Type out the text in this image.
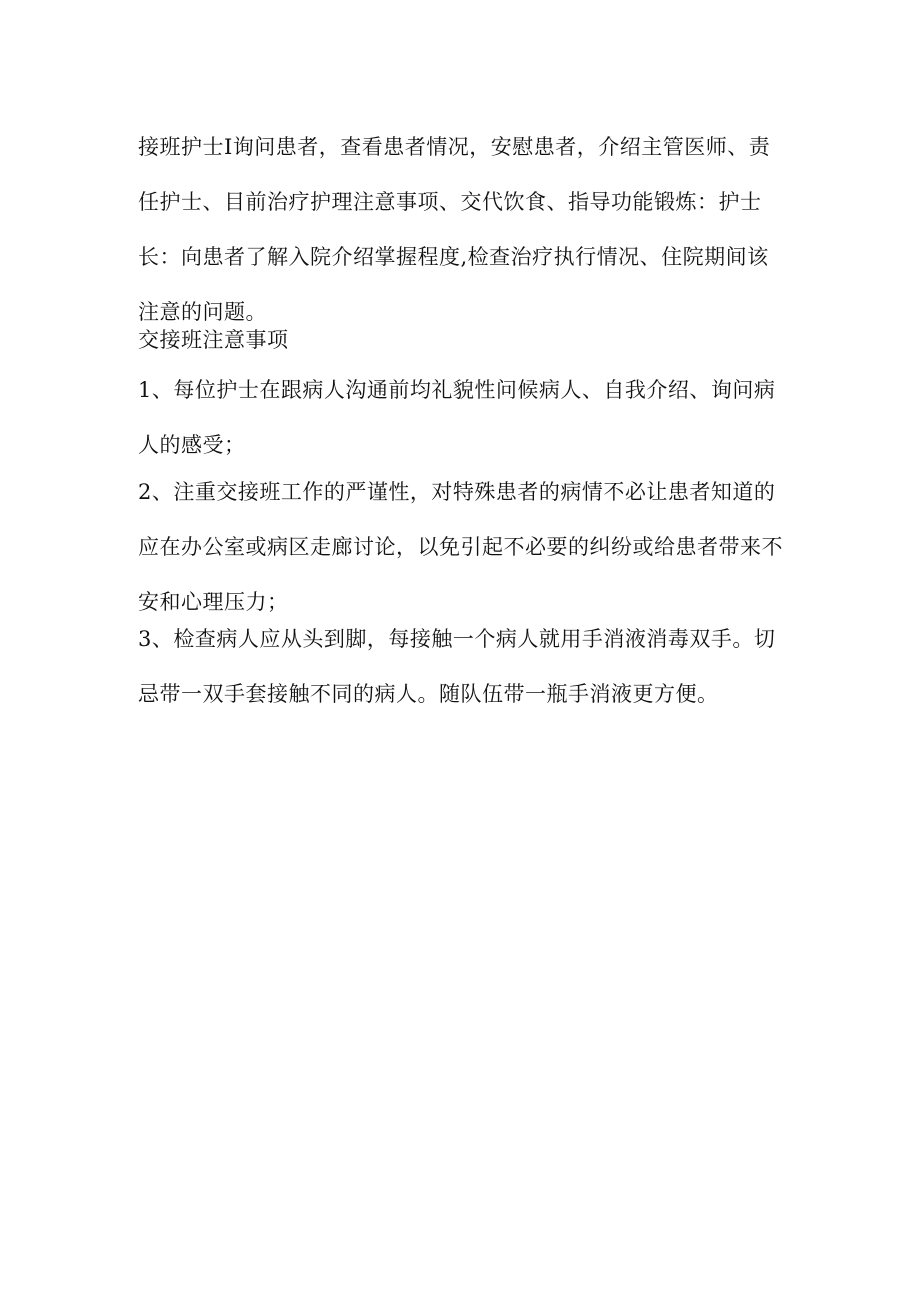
接班护士I询问患者，查看患者情况，安慰患者，介绍主管医师、责任护士、目前治疗护理注意事项、交代饮食、指导功能锻炼：护士长：向患者了解入院介绍掌握程度,检查治疗执行情况、住院期间该注意的问题。

交接班注意事项

1、每位护士在跟病人沟通前均礼貌性问候病人、自我介绍、询问病人的感受；

2、注重交接班工作的严谨性，对特殊患者的病情不必让患者知道的应在办公室或病区走廊讨论，以免引起不必要的纠纷或给患者带来不安和心理压力；

3、检查病人应从头到脚，每接触一个病人就用手消液消毒双手。切忌带一双手套接触不同的病人。随队伍带一瓶手消液更方便。
